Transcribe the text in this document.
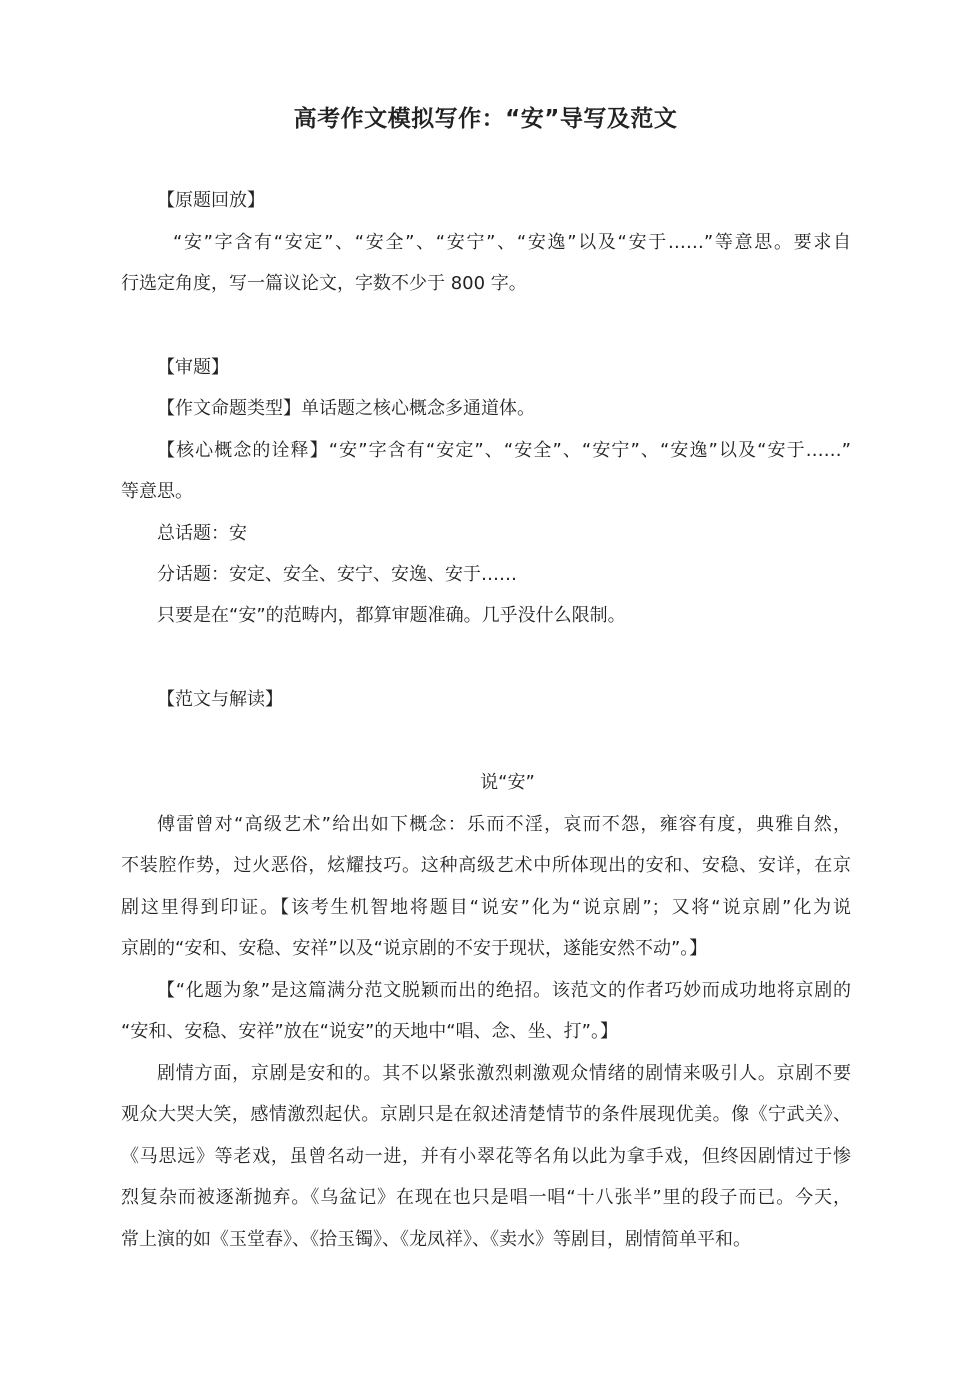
高考作文模拟写作：“安”导写及范文

【原题回放】

“安”字含有“安定”、“安全”、“安宁”、“安逸”以及“安于……”等意思。要求自

行选定角度，写一篇议论文，字数不少于 800 字。

【审题】

【作文命题类型】单话题之核心概念多通道体。

【核心概念的诠释】“安”字含有“安定”、“安全”、“安宁”、“安逸”以及“安于……”

等意思。

总话题：安

分话题：安定、安全、安宁、安逸、安于……

只要是在“安”的范畴内，都算审题准确。几乎没什么限制。

【范文与解读】

说“安”

傅雷曾对“高级艺术”给出如下概念：乐而不淫，哀而不怨，雍容有度，典雅自然，

不装腔作势，过火恶俗，炫耀技巧。这种高级艺术中所体现出的安和、安稳、安详，在京

剧这里得到印证。【该考生机智地将题目“说安”化为“说京剧”；又将“说京剧”化为说

京剧的“安和、安稳、安祥”以及“说京剧的不安于现状，遂能安然不动”。】

【“化题为象”是这篇满分范文脱颖而出的绝招。该范文的作者巧妙而成功地将京剧的

“安和、安稳、安祥”放在“说安”的天地中“唱、念、坐、打”。】

剧情方面，京剧是安和的。其不以紧张激烈刺激观众情绪的剧情来吸引人。京剧不要

观众大哭大笑，感情激烈起伏。京剧只是在叙述清楚情节的条件展现优美。像《宁武关》、

《马思远》等老戏，虽曾名动一进，并有小翠花等名角以此为拿手戏，但终因剧情过于惨

烈复杂而被逐渐抛弃。《乌盆记》在现在也只是唱一唱“十八张半”里的段子而已。今天，

常上演的如《玉堂春》、《拾玉镯》、《龙凤祥》、《卖水》等剧目，剧情简单平和。
